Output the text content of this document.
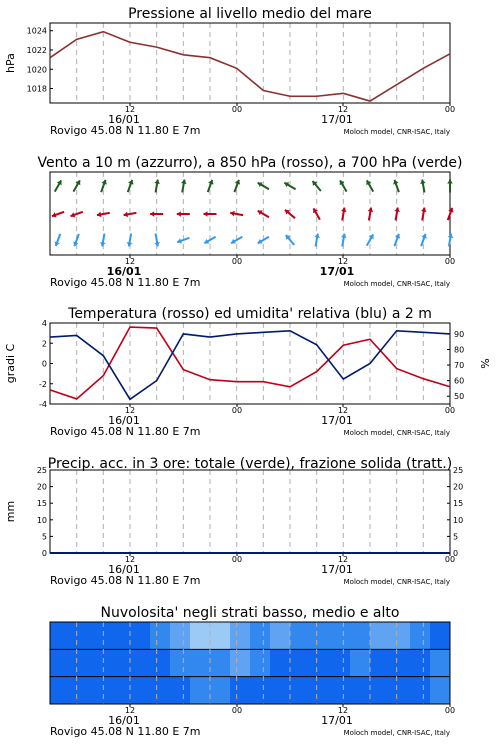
Pressione al livello medio del mare
12	00	12	00
16/01	17/01
Rovigo 45.08 N 11.80 E 7m	Moloch model, CNR-ISAC, Italy
1018
1020
1022
1024
hPa
Vento a 10 m (azzurro), a 850 hPa (rosso), a 700 hPa (verde)
12	00	12	00
16/01	17/01
Rovigo 45.08 N 11.80 E 7m	Moloch model, CNR-ISAC, Italy
Temperatura (rosso) ed umidita' relativa (blu) a 2 m
12	00	12	00
16/01	17/01
Rovigo 45.08 N 11.80 E 7m	Moloch model, CNR-ISAC, Italy
-4
-2
0
2
4
gradi C
50
60
70
80
90
%
Precip. acc. in 3 ore: totale (verde), frazione solida (tratt.)
12	00	12	00
16/01	17/01
Rovigo 45.08 N 11.80 E 7m	Moloch model, CNR-ISAC, Italy
0	0
5	5
10	10
15	15
20	20
25	25
mm
Nuvolosita' negli strati basso, medio e alto
12	00	12	00
16/01	17/01
Rovigo 45.08 N 11.80 E 7m	Moloch model, CNR-ISAC, Italy
